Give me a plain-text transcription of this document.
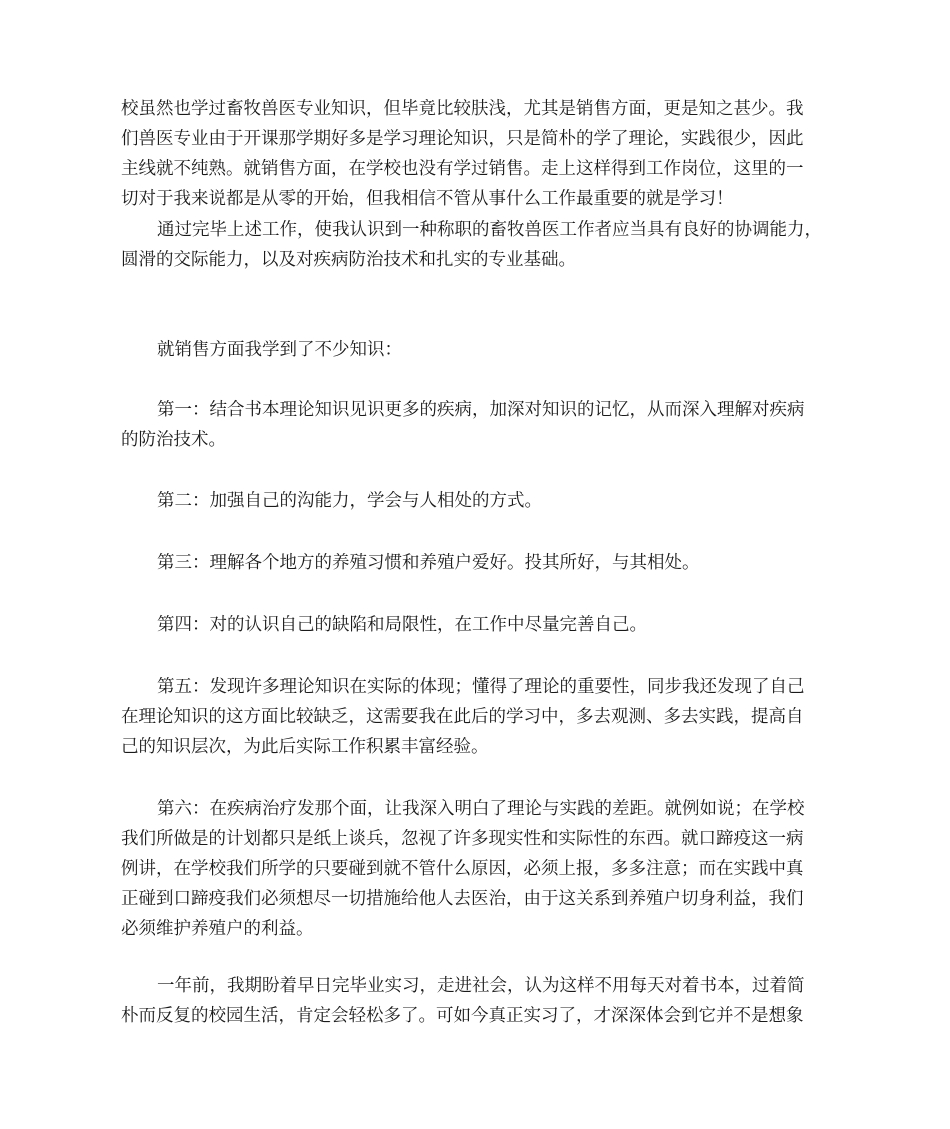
校虽然也学过畜牧兽医专业知识，但毕竟比较肤浅，尤其是销售方面，更是知之甚少。我
们兽医专业由于开课那学期好多是学习理论知识，只是简朴的学了理论，实践很少，因此
主线就不纯熟。就销售方面，在学校也没有学过销售。走上这样得到工作岗位，这里的一
切对于我来说都是从零的开始，但我相信不管从事什么工作最重要的就是学习！
通过完毕上述工作，使我认识到一种称职的畜牧兽医工作者应当具有良好的协调能力，
圆滑的交际能力，以及对疾病防治技术和扎实的专业基础。
就销售方面我学到了不少知识：
第一：结合书本理论知识见识更多的疾病，加深对知识的记忆，从而深入理解对疾病
的防治技术。
第二：加强自己的沟能力，学会与人相处的方式。
第三：理解各个地方的养殖习惯和养殖户爱好。投其所好，与其相处。
第四：对的认识自己的缺陷和局限性，在工作中尽量完善自己。
第五：发现许多理论知识在实际的体现；懂得了理论的重要性，同步我还发现了自己
在理论知识的这方面比较缺乏，这需要我在此后的学习中，多去观测、多去实践，提高自
己的知识层次，为此后实际工作积累丰富经验。
第六：在疾病治疗发那个面，让我深入明白了理论与实践的差距。就例如说；在学校
我们所做是的计划都只是纸上谈兵，忽视了许多现实性和实际性的东西。就口蹄疫这一病
例讲，在学校我们所学的只要碰到就不管什么原因，必须上报，多多注意；而在实践中真
正碰到口蹄疫我们必须想尽一切措施给他人去医治，由于这关系到养殖户切身利益，我们
必须维护养殖户的利益。
一年前，我期盼着早日完毕业实习，走进社会，认为这样不用每天对着书本，过着简
朴而反复的校园生活，肯定会轻松多了。可如今真正实习了，才深深体会到它并不是想象
